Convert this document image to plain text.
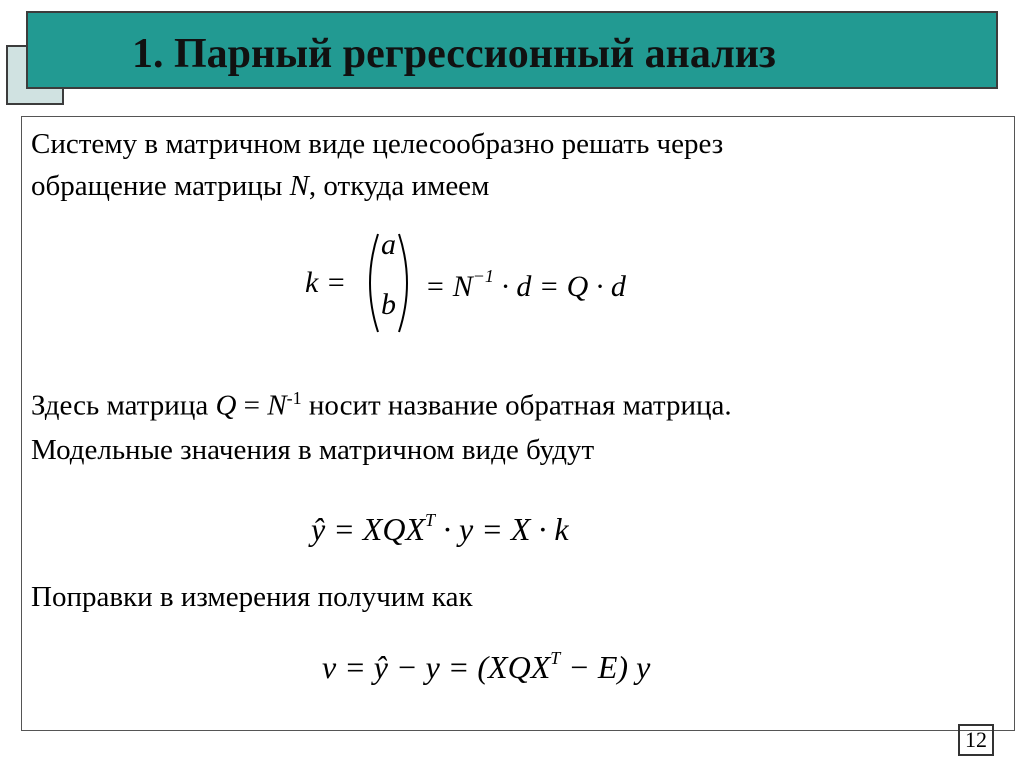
1. Парный регрессионный анализ
Систему в матричном виде целесообразно решать через
обращение матрицы N, откуда имеем
k =
a
b
= $N^{-1} \cdot d = Q \cdot d$
Здесь матрица $Q = N^{-1}$ носит название обратная матрица.
Модельные значения в матричном виде будут
ŷ = $XQX^T \cdot y = X \cdot k$
Поправки в измерения получим как
v = ŷ − $y = (XQX^T - E)$ y
12
